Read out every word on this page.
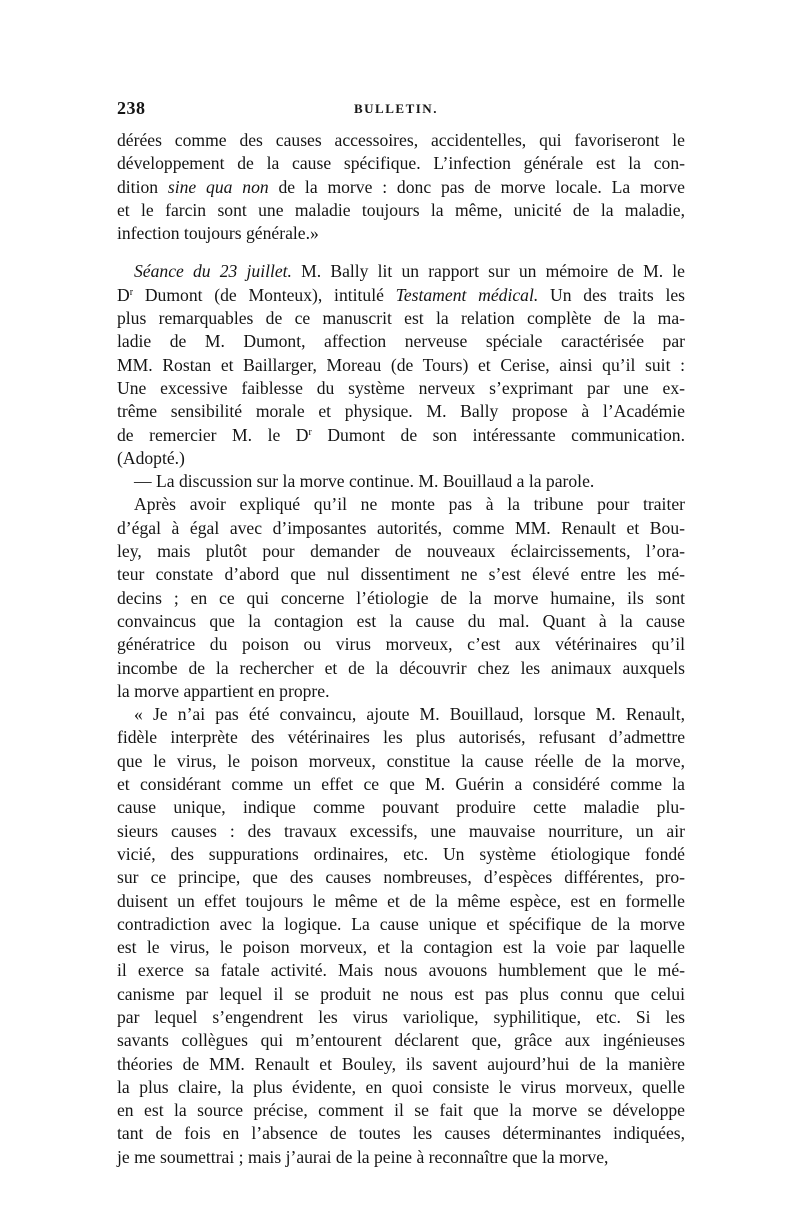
238	BULLETIN.
dérées comme des causes accessoires, accidentelles, qui favoriseront le
développement de la cause spécifique. L’infection générale est la con-
dition sine qua non de la morve : donc pas de morve locale. La morve
et le farcin sont une maladie toujours la même, unicité de la maladie,
infection toujours générale.»
Séance du 23 juillet. M. Bally lit un rapport sur un mémoire de M. le
$D^r$ Dumont (de Monteux), intitulé Testament médical. Un des traits les
plus remarquables de ce manuscrit est la relation complète de la ma-
ladie de M. Dumont, affection nerveuse spéciale caractérisée par
MM. Rostan et Baillarger, Moreau (de Tours) et Cerise, ainsi qu’il suit :
Une excessive faiblesse du système nerveux s’exprimant par une ex-
trême sensibilité morale et physique. M. Bally propose à l’Académie
de remercier M. le $D^r$ Dumont de son intéressante communication.
(Adopté.)
— La discussion sur la morve continue. M. Bouillaud a la parole.
Après avoir expliqué qu’il ne monte pas à la tribune pour traiter
d’égal à égal avec d’imposantes autorités, comme MM. Renault et Bou-
ley, mais plutôt pour demander de nouveaux éclaircissements, l’ora-
teur constate d’abord que nul dissentiment ne s’est élevé entre les mé-
decins ; en ce qui concerne l’étiologie de la morve humaine, ils sont
convaincus que la contagion est la cause du mal. Quant à la cause
génératrice du poison ou virus morveux, c’est aux vétérinaires qu’il
incombe de la rechercher et de la découvrir chez les animaux auxquels
la morve appartient en propre.
« Je n’ai pas été convaincu, ajoute M. Bouillaud, lorsque M. Renault,
fidèle interprète des vétérinaires les plus autorisés, refusant d’admettre
que le virus, le poison morveux, constitue la cause réelle de la morve,
et considérant comme un effet ce que M. Guérin a considéré comme la
cause unique, indique comme pouvant produire cette maladie plu-
sieurs causes : des travaux excessifs, une mauvaise nourriture, un air
vicié, des suppurations ordinaires, etc. Un système étiologique fondé
sur ce principe, que des causes nombreuses, d’espèces différentes, pro-
duisent un effet toujours le même et de la même espèce, est en formelle
contradiction avec la logique. La cause unique et spécifique de la morve
est le virus, le poison morveux, et la contagion est la voie par laquelle
il exerce sa fatale activité. Mais nous avouons humblement que le mé-
canisme par lequel il se produit ne nous est pas plus connu que celui
par lequel s’engendrent les virus variolique, syphilitique, etc. Si les
savants collègues qui m’entourent déclarent que, grâce aux ingénieuses
théories de MM. Renault et Bouley, ils savent aujourd’hui de la manière
la plus claire, la plus évidente, en quoi consiste le virus morveux, quelle
en est la source précise, comment il se fait que la morve se développe
tant de fois en l’absence de toutes les causes déterminantes indiquées,
je me soumettrai ; mais j’aurai de la peine à reconnaître que la morve,
